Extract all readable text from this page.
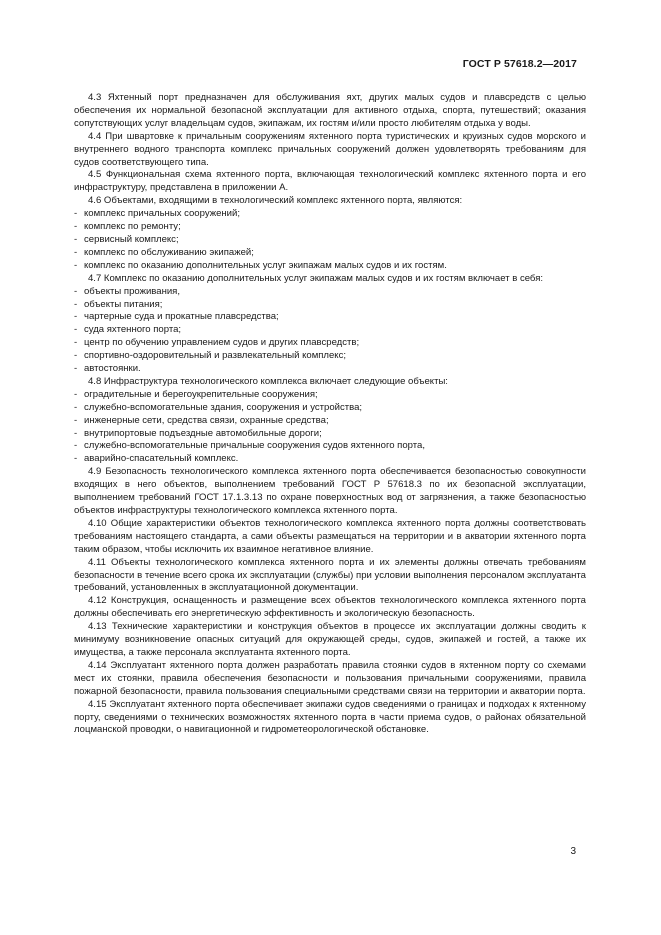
ГОСТ Р 57618.2—2017

4.3 Яхтенный порт предназначен для обслуживания яхт, других малых судов и плавсредств с целью обеспечения их нормальной безопасной эксплуатации для активного отдыха, спорта, путешествий; оказания сопутствующих услуг владельцам судов, экипажам, их гостям и/или просто любителям отдыха у воды.

4.4 При швартовке к причальным сооружениям яхтенного порта туристических и круизных судов морского и внутреннего водного транспорта комплекс причальных сооружений должен удовлетворять требованиям для судов соответствующего типа.

4.5 Функциональная схема яхтенного порта, включающая технологический комплекс яхтенного порта и его инфраструктуру, представлена в приложении А.

4.6 Объектами, входящими в технологический комплекс яхтенного порта, являются:

- комплекс причальных сооружений;

- комплекс по ремонту;

- сервисный комплекс;

- комплекс по обслуживанию экипажей;

- комплекс по оказанию дополнительных услуг экипажам малых судов и их гостям.

4.7 Комплекс по оказанию дополнительных услуг экипажам малых судов и их гостям включает в себя:

- объекты проживания,

- объекты питания;

- чартерные суда и прокатные плавсредства;

- суда яхтенного порта;

- центр по обучению управлением судов и других плавсредств;

- спортивно-оздоровительный и развлекательный комплекс;

- автостоянки.

4.8 Инфраструктура технологического комплекса включает следующие объекты:

- оградительные и берегоукрепительные сооружения;

- служебно-вспомогательные здания, сооружения и устройства;

- инженерные сети, средства связи, охранные средства;

- внутрипортовые подъездные автомобильные дороги;

- служебно-вспомогательные причальные сооружения судов яхтенного порта,

- аварийно-спасательный комплекс.

4.9 Безопасность технологического комплекса яхтенного порта обеспечивается безопасностью совокупности входящих в него объектов, выполнением требований ГОСТ Р 57618.3 по их безопасной эксплуатации, выполнением требований ГОСТ 17.1.3.13 по охране поверхностных вод от загрязнения, а также безопасностью объектов инфраструктуры технологического комплекса яхтенного порта.

4.10 Общие характеристики объектов технологического комплекса яхтенного порта должны соответствовать требованиям настоящего стандарта, а сами объекты размещаться на территории и в акватории яхтенного порта таким образом, чтобы исключить их взаимное негативное влияние.

4.11 Объекты технологического комплекса яхтенного порта и их элементы должны отвечать требованиям безопасности в течение всего срока их эксплуатации (службы) при условии выполнения персоналом эксплуатанта требований, установленных в эксплуатационной документации.

4.12 Конструкция, оснащенность и размещение всех объектов технологического комплекса яхтенного порта должны обеспечивать его энергетическую эффективность и экологическую безопасность.

4.13 Технические характеристики и конструкция объектов в процессе их эксплуатации должны сводить к минимуму возникновение опасных ситуаций для окружающей среды, судов, экипажей и гостей, а также их имущества, а также персонала эксплуатанта яхтенного порта.

4.14 Эксплуатант яхтенного порта должен разработать правила стоянки судов в яхтенном порту со схемами мест их стоянки, правила обеспечения безопасности и пользования причальными сооружениями, правила пожарной безопасности, правила пользования специальными средствами связи на территории и акватории порта.

4.15 Эксплуатант яхтенного порта обеспечивает экипажи судов сведениями о границах и подходах к яхтенному порту, сведениями о технических возможностях яхтенного порта в части приема судов, о районах обязательной лоцманской проводки, о навигационной и гидрометеорологической обстановке.

3
